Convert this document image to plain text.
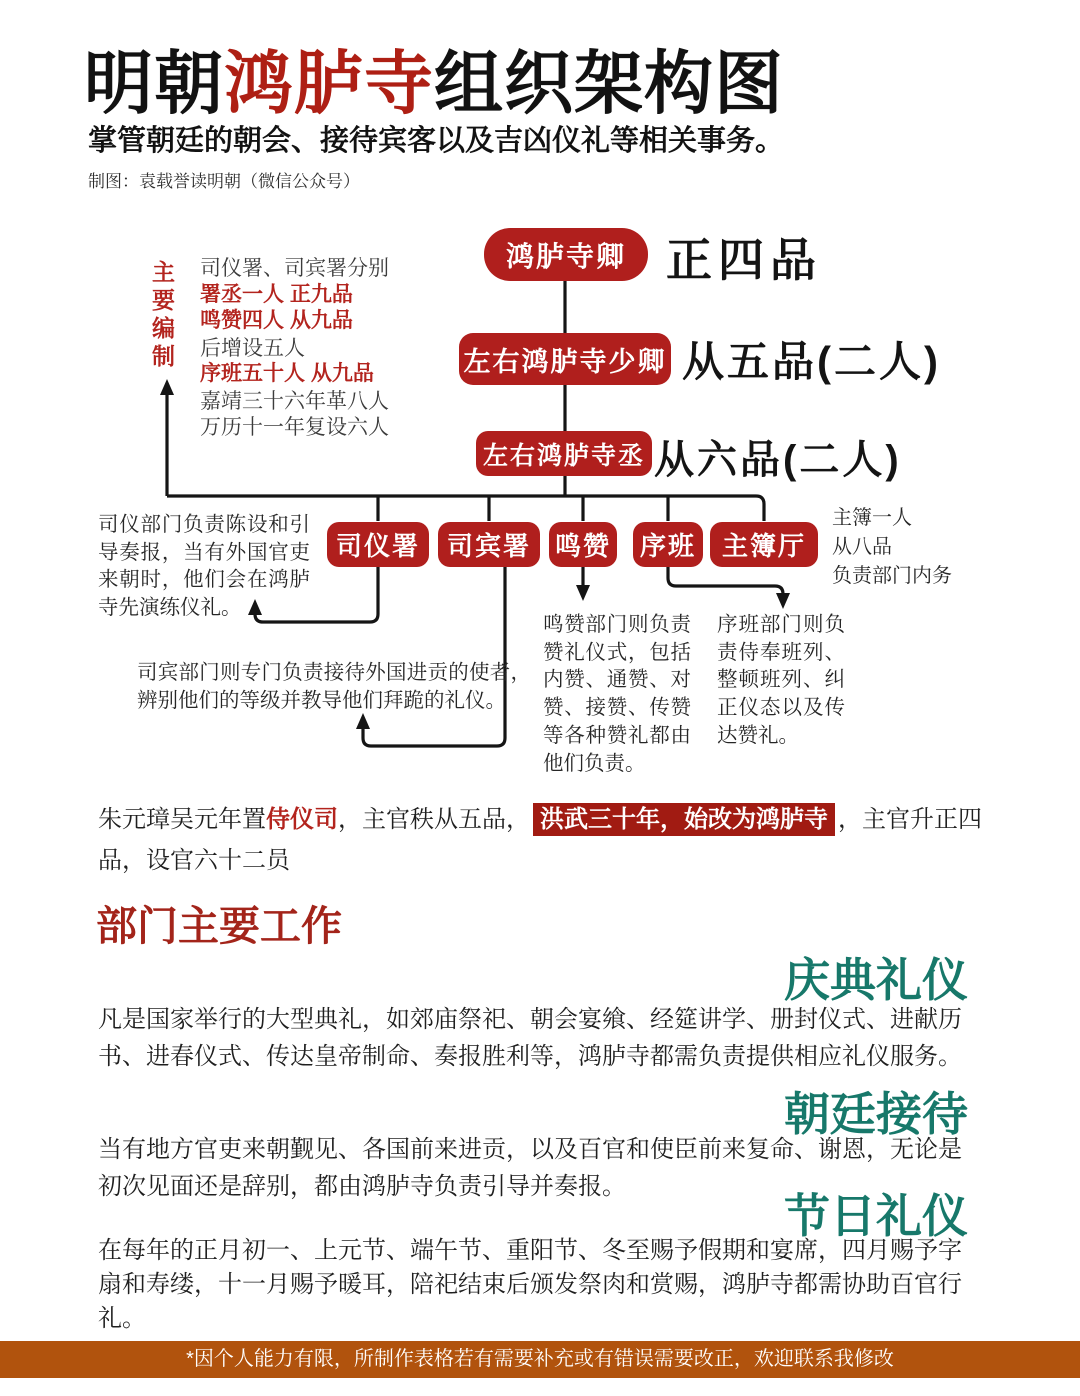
明朝鸿胪寺组织架构图
掌管朝廷的朝会、接待宾客以及吉凶仪礼等相关事务。
制图：袁载誉读明朝（微信公众号）
主要编制 司仪署、司宾署分别
署丞一人 正九品
鸣赞四人 从九品
后增设五人
序班五十人 从九品
嘉靖三十六年革八人
万历十一年复设六人
鸿胪寺卿 正四品
左右鸿胪寺少卿 从五品(二人)
左右鸿胪寺丞 从六品(二人)
司仪署	司宾署 鸣赞 序班 主簿厅
主簿一人
从八品
负责部门内务
司仪部门负责陈设和引导奏报，当有外国官吏来朝时，他们会在鸿胪寺先演练仪礼。
司宾部门则专门负责接待外国进贡的使者，辨别他们的等级并教导他们拜跪的礼仪。
鸣赞部门则负责赞礼仪式，包括内赞、通赞、对赞、接赞、传赞等各种赞礼都由他们负责。
序班部门则负责侍奉班列、整顿班列、纠正仪态以及传达赞礼。
朱元璋吴元年置侍仪司，主官秩从五品， 洪武三十年，始改为鸿胪寺 ，主官升正四品，设官六十二员
部门主要工作
庆典礼仪
凡是国家举行的大型典礼，如郊庙祭祀、朝会宴飨、经筵讲学、册封仪式、进献历书、进春仪式、传达皇帝制命、奏报胜利等，鸿胪寺都需负责提供相应礼仪服务。
朝廷接待
当有地方官吏来朝觐见、各国前来进贡，以及百官和使臣前来复命、谢恩，无论是初次见面还是辞别，都由鸿胪寺负责引导并奏报。
节日礼仪
在每年的正月初一、上元节、端午节、重阳节、冬至赐予假期和宴席，四月赐予字扇和寿缕，十一月赐予暖耳，陪祀结束后颁发祭肉和赏赐，鸿胪寺都需协助百官行礼。
*因个人能力有限，所制作表格若有需要补充或有错误需要改正，欢迎联系我修改
